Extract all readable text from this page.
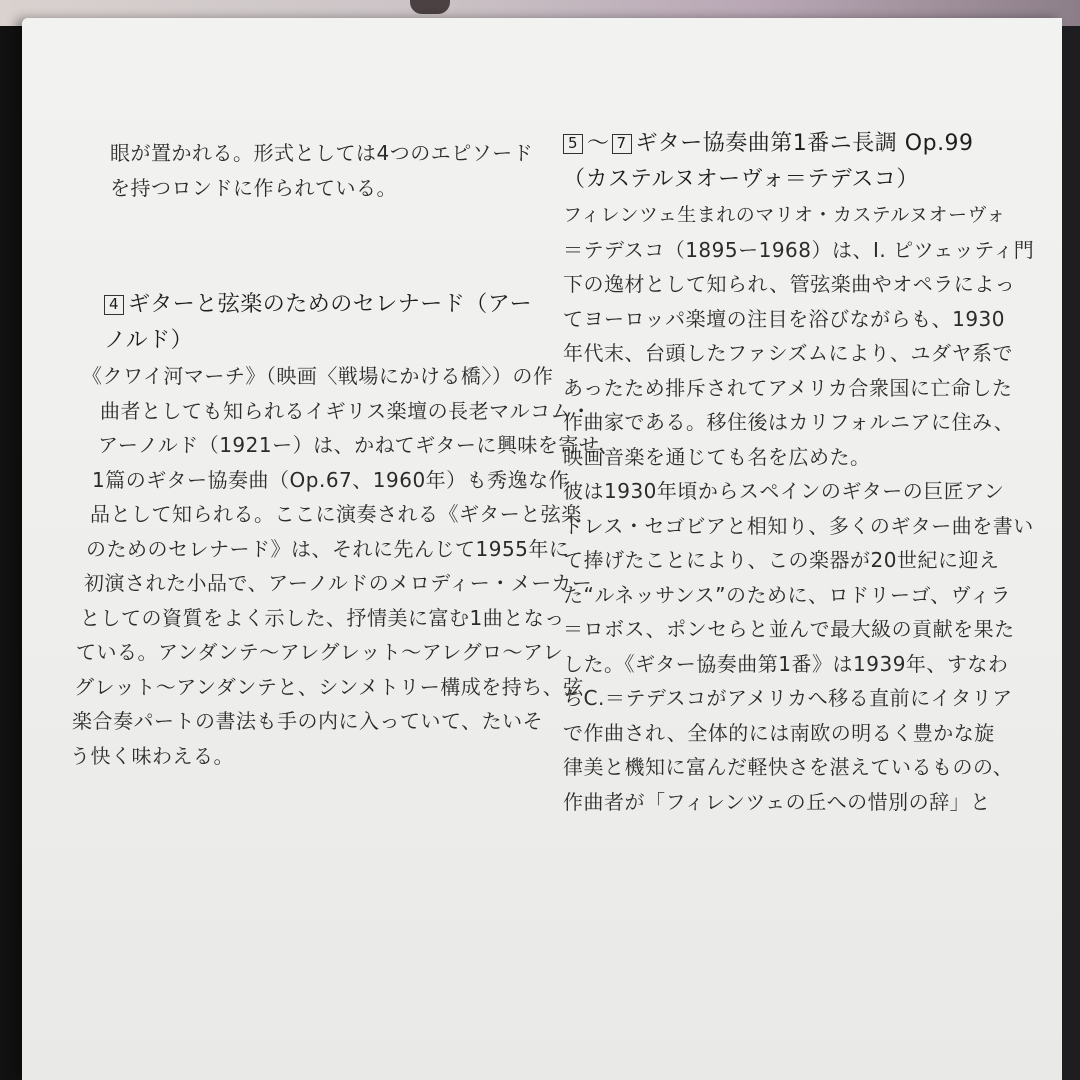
眼が置かれる。形式としては4つのエピソード
を持つロンドに作られている。
4 ギターと弦楽のためのセレナード（アー
ノルド）
《クワイ河マーチ》（映画〈戦場にかける橋〉）の作
曲者としても知られるイギリス楽壇の長老マルコム・
アーノルド（1921ー）は、かねてギターに興味を寄せ、
1篇のギター協奏曲（Op.67、1960年）も秀逸な作
品として知られる。ここに演奏される《ギターと弦楽
のためのセレナード》は、それに先んじて1955年に
初演された小品で、アーノルドのメロディー・メーカー
としての資質をよく示した、抒情美に富む1曲となっ
ている。アンダンテ～アレグレット～アレグロ～アレ
グレット～アンダンテと、シンメトリー構成を持ち、弦
楽合奏パートの書法も手の内に入っていて、たいそ
う快く味わえる。
5 ～ 7 ギター協奏曲第1番ニ長調 Op.99
（カステルヌオーヴォ＝テデスコ）
フィレンツェ生まれのマリオ・カステルヌオーヴォ
＝テデスコ（1895ー1968）は、I. ピツェッティ門
下の逸材として知られ、管弦楽曲やオペラによっ
てヨーロッパ楽壇の注目を浴びながらも、1930
年代末、台頭したファシズムにより、ユダヤ系で
あったため排斥されてアメリカ合衆国に亡命した
作曲家である。移住後はカリフォルニアに住み、
映画音楽を通じても名を広めた。
彼は1930年頃からスペインのギターの巨匠アン
ドレス・セゴビアと相知り、多くのギター曲を書い
て捧げたことにより、この楽器が20世紀に迎え
た“ルネッサンス”のために、ロドリーゴ、ヴィラ
＝ロボス、ポンセらと並んで最大級の貢献を果た
した。《ギター協奏曲第1番》は1939年、すなわ
ちC.＝テデスコがアメリカへ移る直前にイタリア
で作曲され、全体的には南欧の明るく豊かな旋
律美と機知に富んだ軽快さを湛えているものの、
作曲者が「フィレンツェの丘への惜別の辞」と
